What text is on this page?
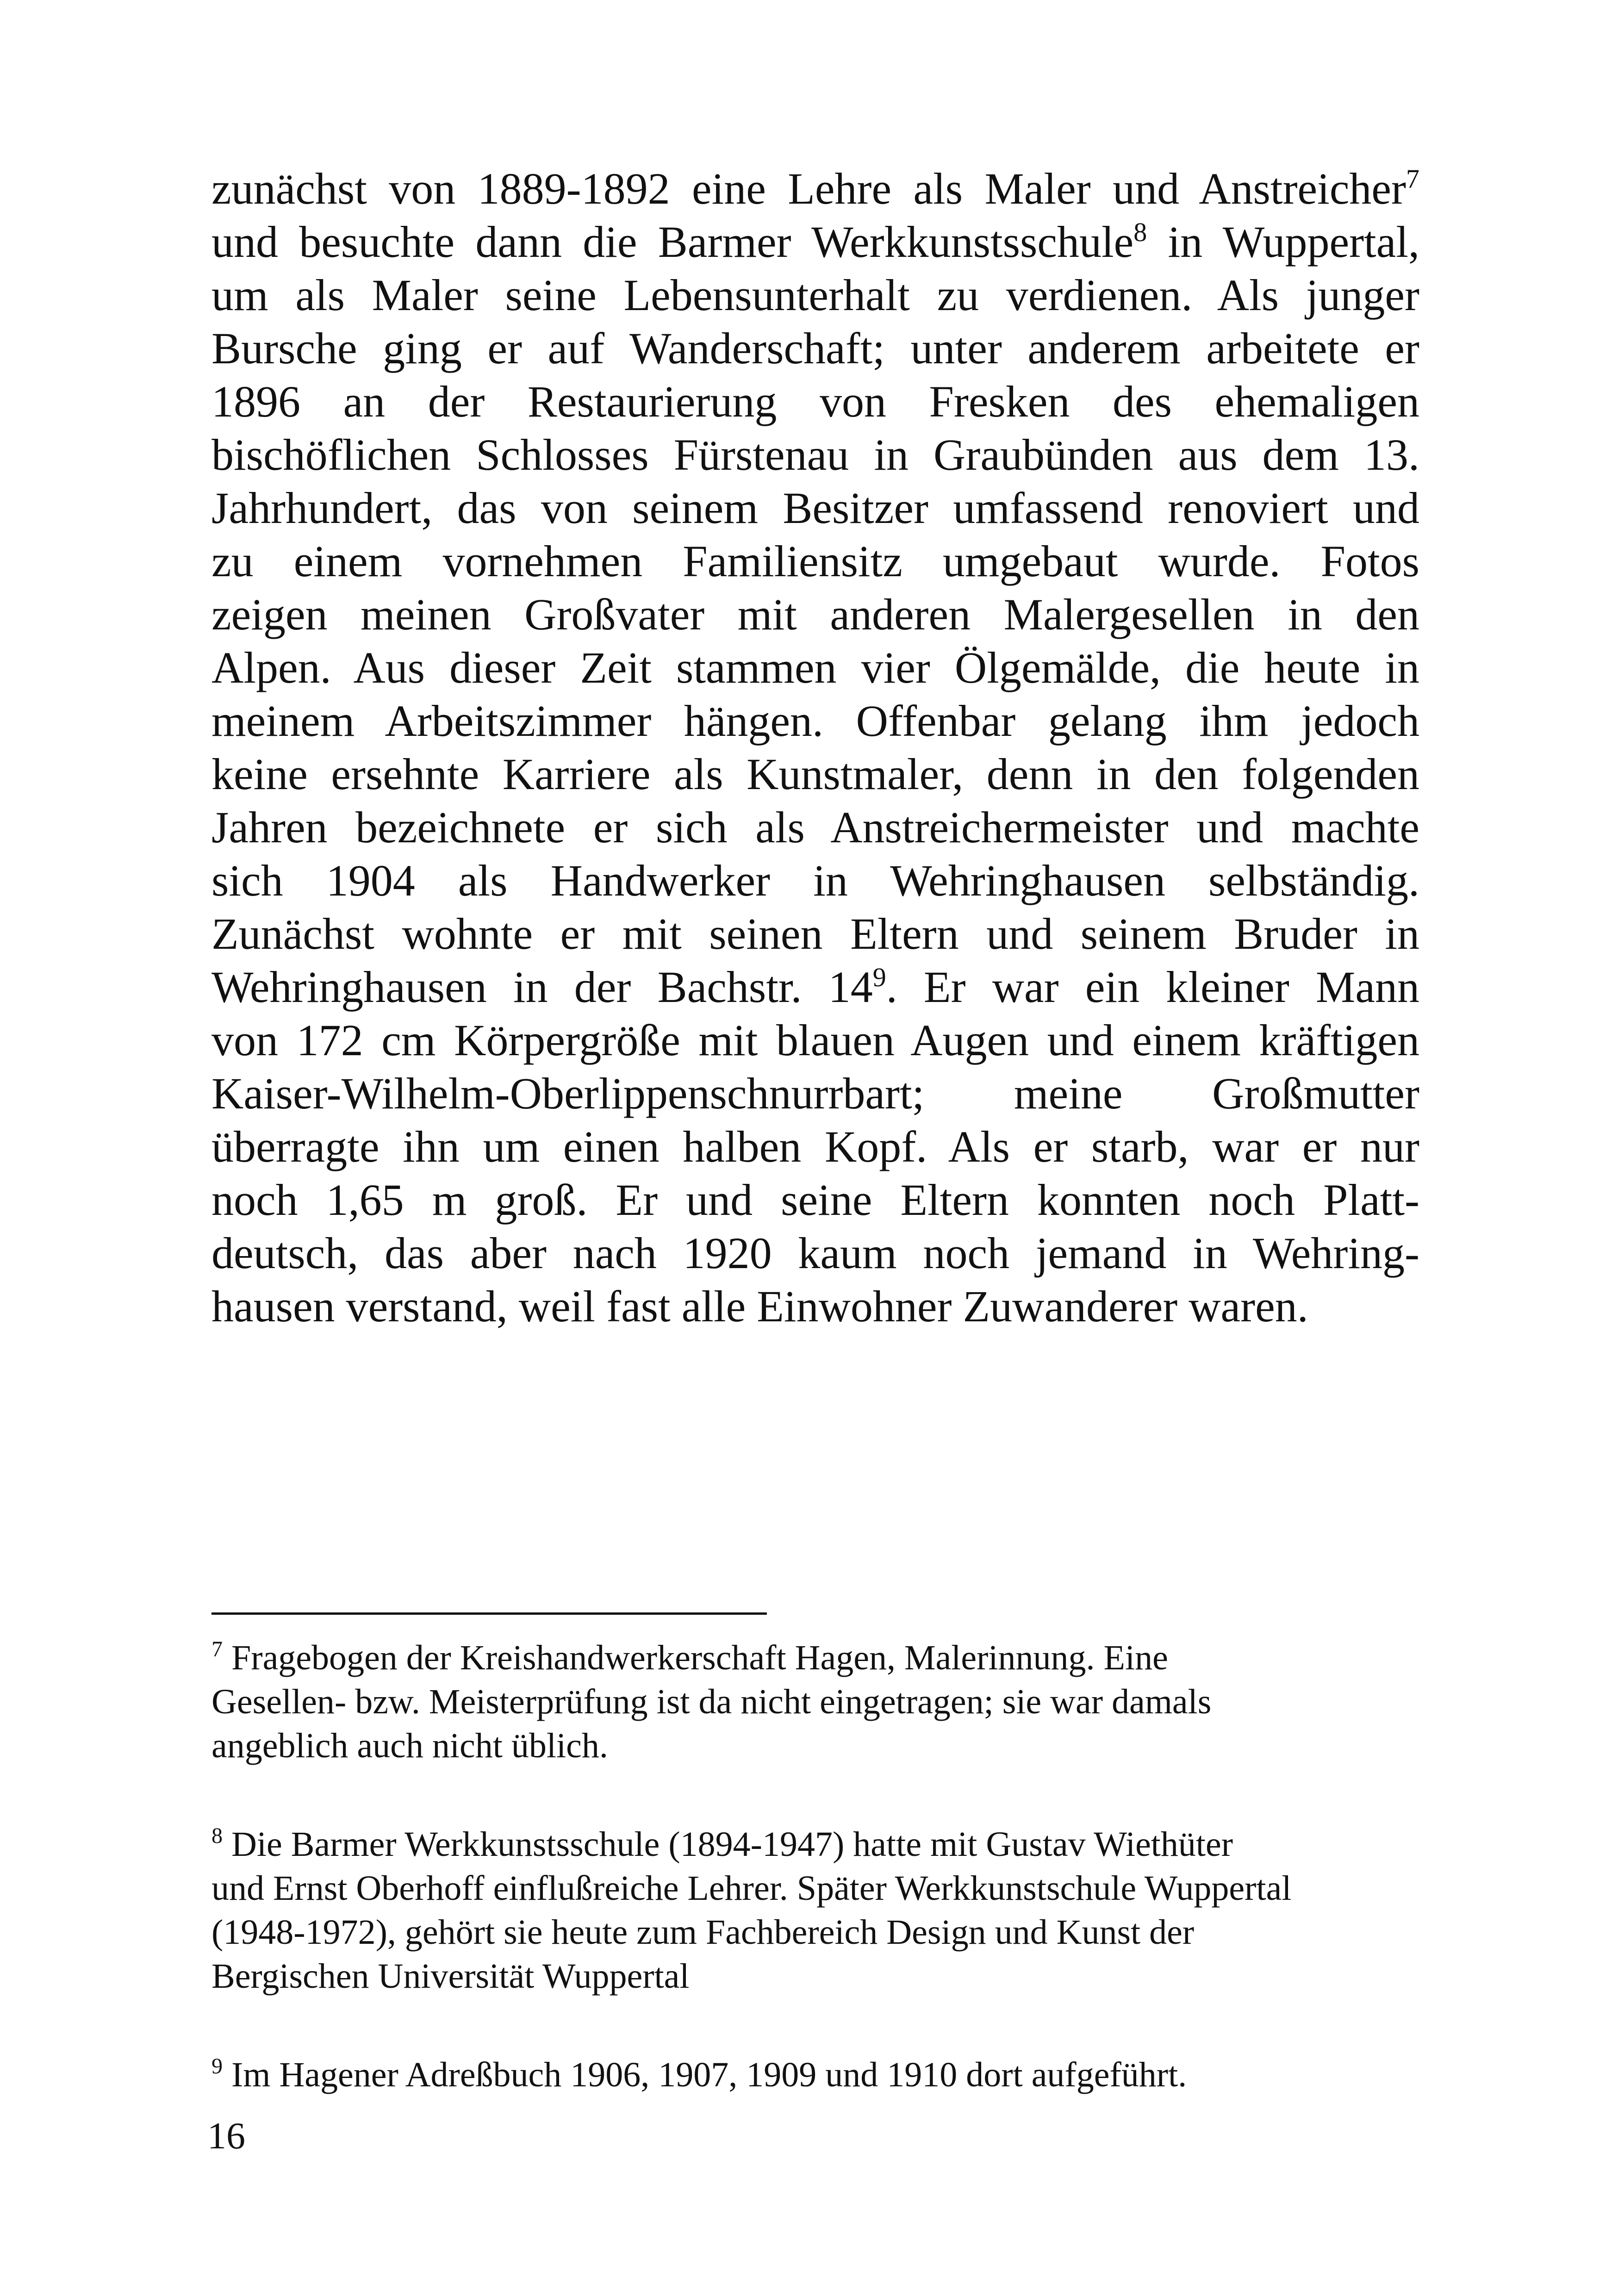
zunächst von 1889-1892 eine Lehre als Maler und Anstreicher$^7$
und besuchte dann die Barmer Werkkunstsschule$^8$ in Wuppertal,
um als Maler seine Lebensunterhalt zu verdienen. Als junger
Bursche ging er auf Wanderschaft; unter anderem arbeitete er
1896 an der Restaurierung von Fresken des ehemaligen
bischöflichen Schlosses Fürstenau in Graubünden aus dem 13.
Jahrhundert, das von seinem Besitzer umfassend renoviert und
zu einem vornehmen Familiensitz umgebaut wurde. Fotos
zeigen meinen Großvater mit anderen Malergesellen in den
Alpen. Aus dieser Zeit stammen vier Ölgemälde, die heute in
meinem Arbeitszimmer hängen. Offenbar gelang ihm jedoch
keine ersehnte Karriere als Kunstmaler, denn in den folgenden
Jahren bezeichnete er sich als Anstreichermeister und machte
sich 1904 als Handwerker in Wehringhausen selbständig.
Zunächst wohnte er mit seinen Eltern und seinem Bruder in
Wehringhausen in der Bachstr. 14$^9$. Er war ein kleiner Mann
von 172 cm Körpergröße mit blauen Augen und einem kräftigen
Kaiser-Wilhelm-Oberlippenschnurrbart; meine Großmutter
überragte ihn um einen halben Kopf. Als er starb, war er nur
noch 1,65 m groß. Er und seine Eltern konnten noch Platt-
deutsch, das aber nach 1920 kaum noch jemand in Wehring-
hausen verstand, weil fast alle Einwohner Zuwanderer waren.
$^7$ Fragebogen der Kreishandwerkerschaft Hagen, Malerinnung. Eine
Gesellen- bzw. Meisterprüfung ist da nicht eingetragen; sie war damals
angeblich auch nicht üblich.
$^8$ Die Barmer Werkkunstsschule (1894-1947) hatte mit Gustav Wiethüter
und Ernst Oberhoff einflußreiche Lehrer. Später Werkkunstschule Wuppertal
(1948-1972), gehört sie heute zum Fachbereich Design und Kunst der
Bergischen Universität Wuppertal
$^9$ Im Hagener Adreßbuch 1906, 1907, 1909 und 1910 dort aufgeführt.
16
